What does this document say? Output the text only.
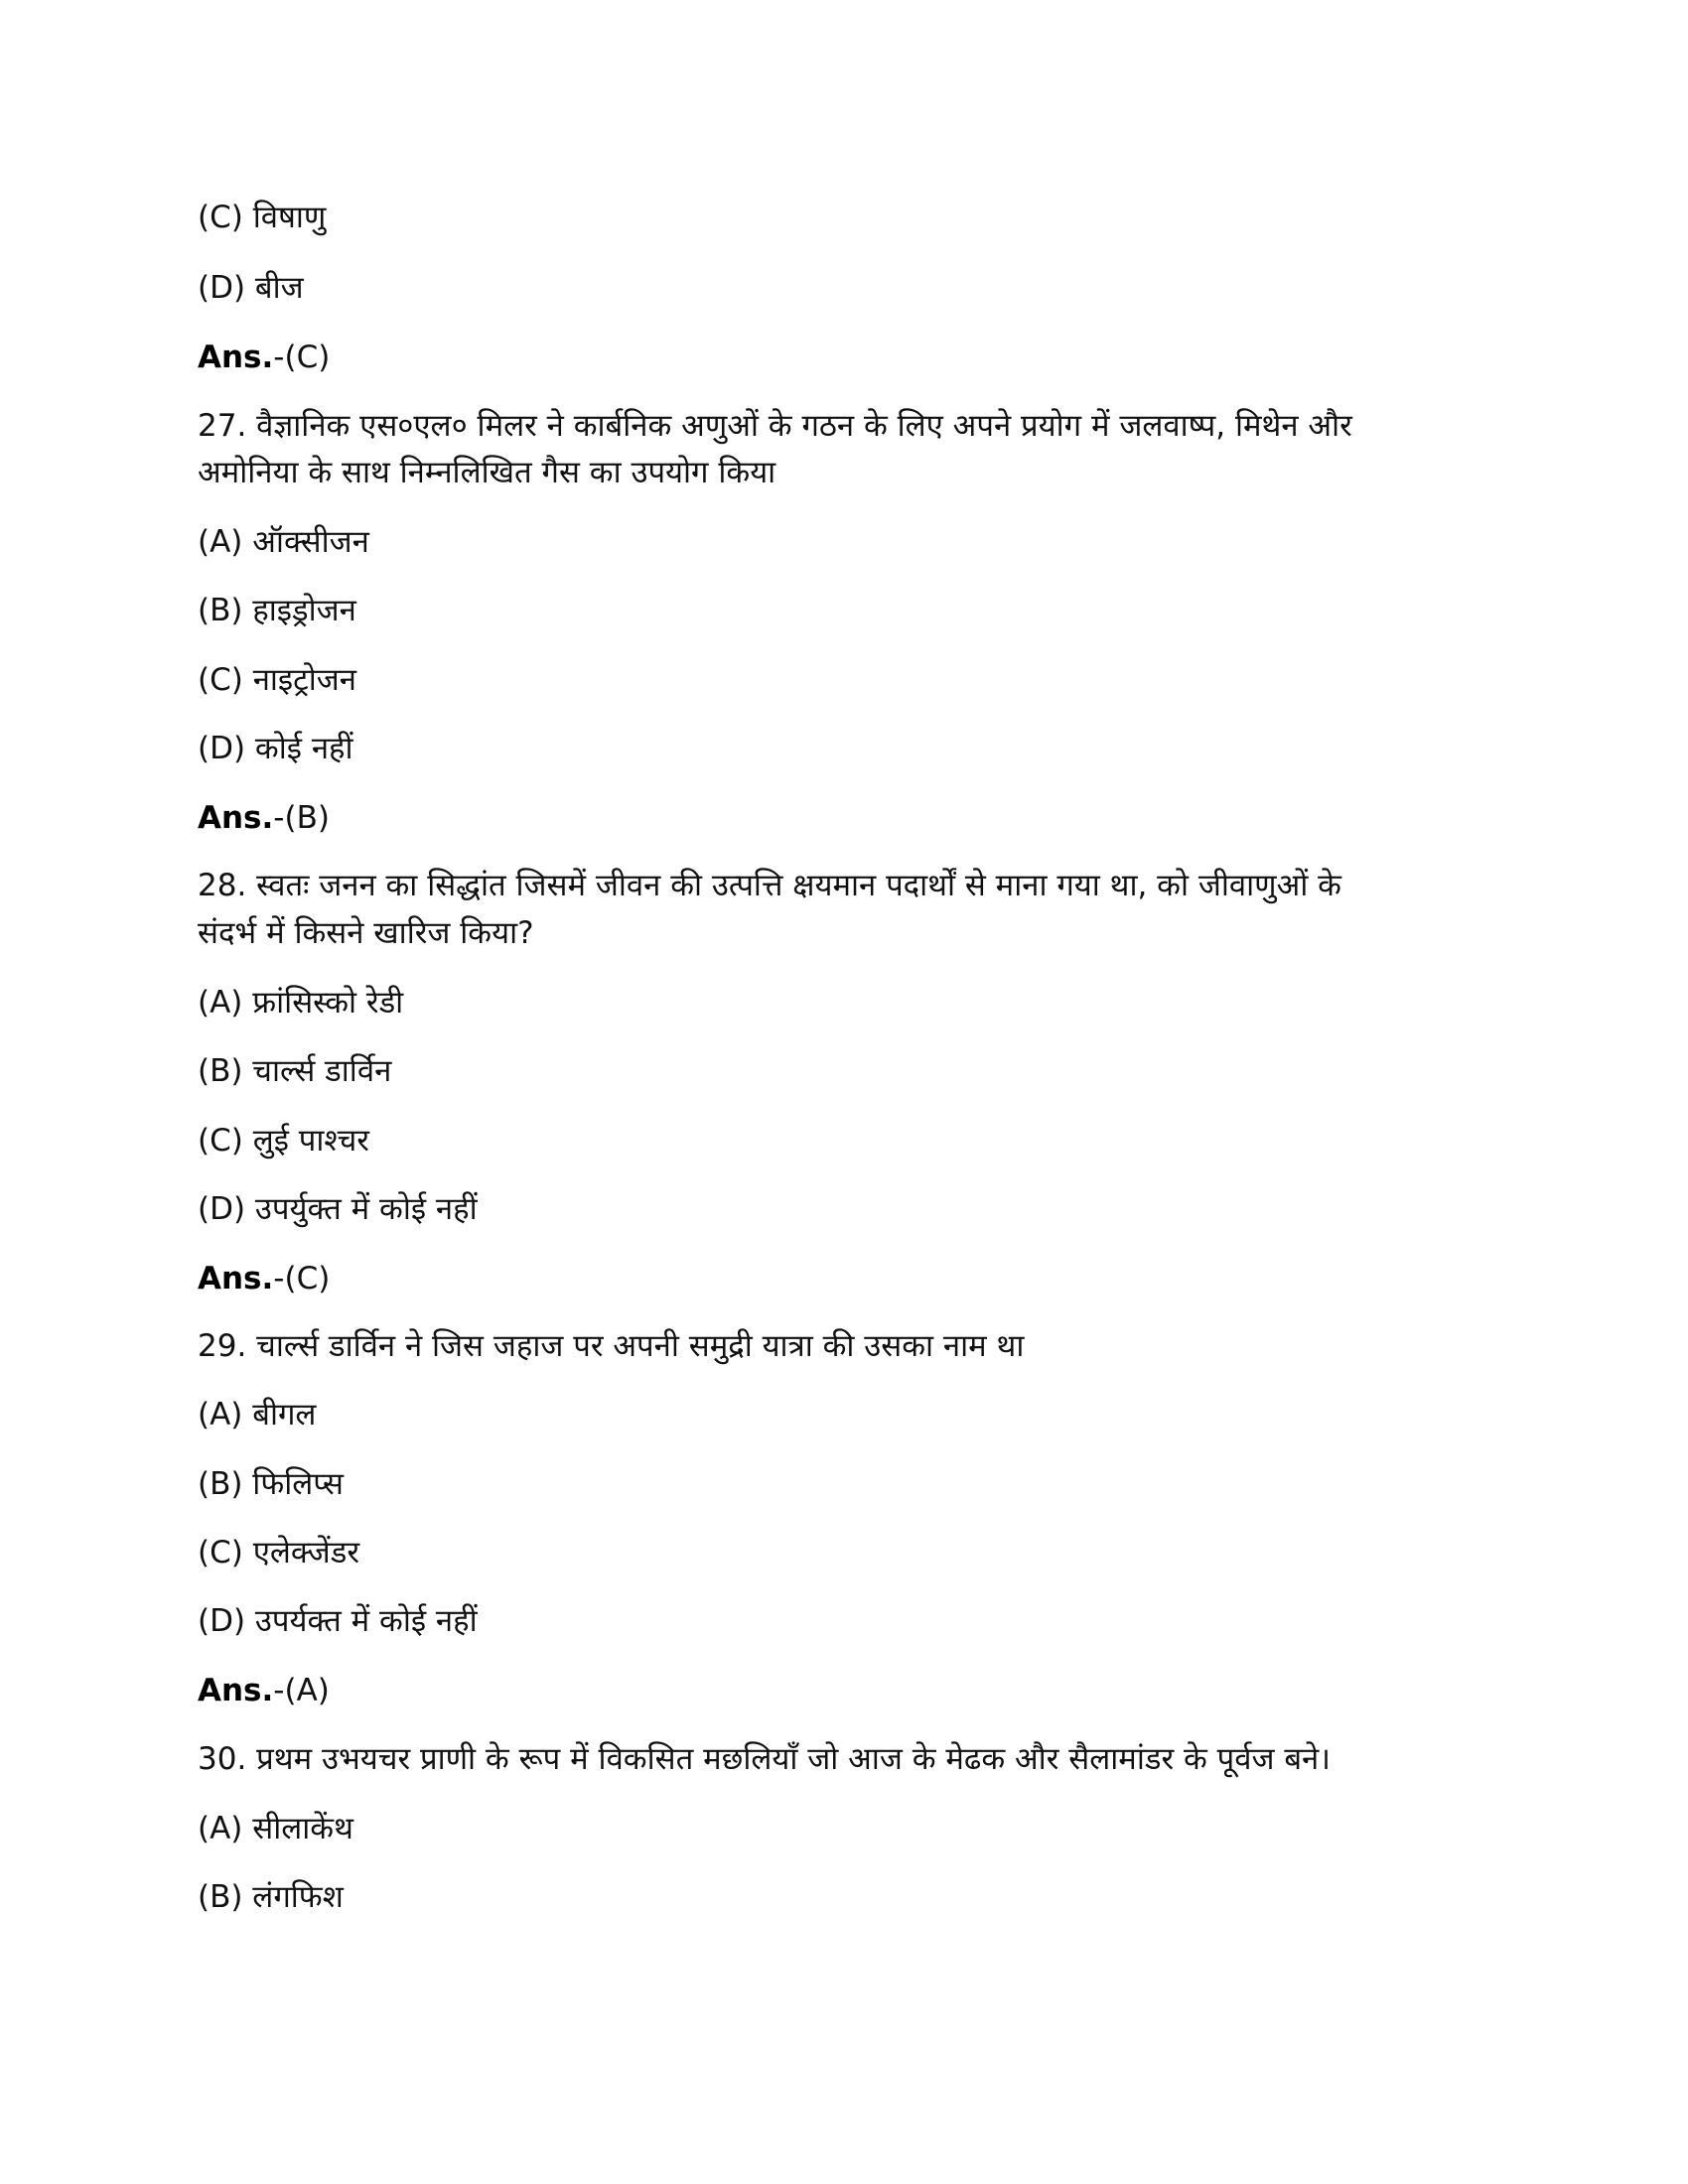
(C) विषाणु
(D) बीज
Ans.-(C)
27. वैज्ञानिक एस०एल० मिलर ने कार्बनिक अणुओं के गठन के लिए अपने प्रयोग में जलवाष्प, मिथेन और
अमोनिया के साथ निम्नलिखित गैस का उपयोग किया
(A) ऑक्सीजन
(B) हाइड्रोजन
(C) नाइट्रोजन
(D) कोई नहीं
Ans.-(B)
28. स्वतः जनन का सिद्धांत जिसमें जीवन की उत्पत्ति क्षयमान पदार्थों से माना गया था, को जीवाणुओं के
संदर्भ में किसने खारिज किया?
(A) फ्रांसिस्को रेडी
(B) चार्ल्स डार्विन
(C) लुई पाश्चर
(D) उपर्युक्त में कोई नहीं
Ans.-(C)
29. चार्ल्स डार्विन ने जिस जहाज पर अपनी समुद्री यात्रा की उसका नाम था
(A) बीगल
(B) फिलिप्स
(C) एलेक्जेंडर
(D) उपर्यक्त में कोई नहीं
Ans.-(A)
30. प्रथम उभयचर प्राणी के रूप में विकसित मछलियाँ जो आज के मेढक और सैलामांडर के पूर्वज बने।
(A) सीलाकेंथ
(B) लंगफिश
